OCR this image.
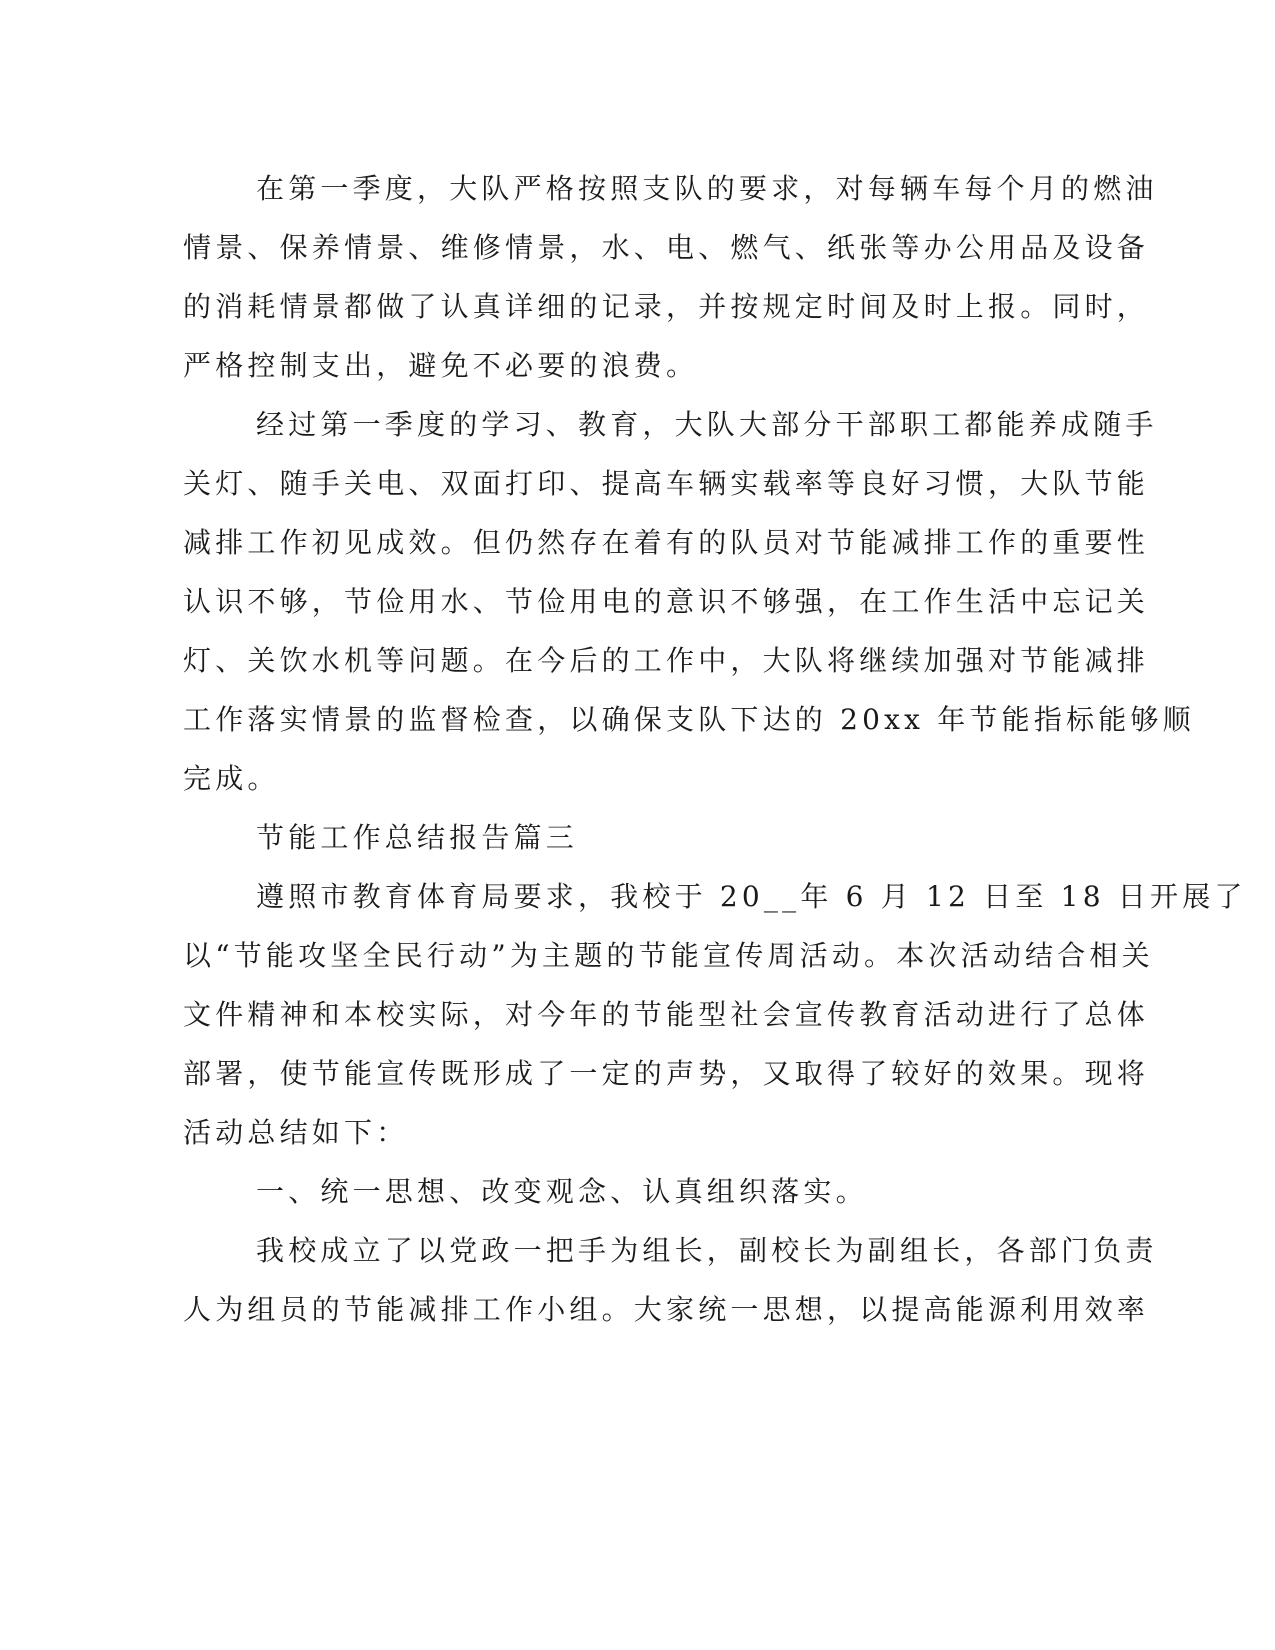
在第一季度，大队严格按照支队的要求，对每辆车每个月的燃油

情景、保养情景、维修情景，水、电、燃气、纸张等办公用品及设备

的消耗情景都做了认真详细的记录，并按规定时间及时上报。同时，

严格控制支出，避免不必要的浪费。

经过第一季度的学习、教育，大队大部分干部职工都能养成随手

关灯、随手关电、双面打印、提高车辆实载率等良好习惯，大队节能

减排工作初见成效。但仍然存在着有的队员对节能减排工作的重要性

认识不够，节俭用水、节俭用电的意识不够强，在工作生活中忘记关

灯、关饮水机等问题。在今后的工作中，大队将继续加强对节能减排

工作落实情景的监督检查，以确保支队下达的 20xx 年节能指标能够顺

完成。

节能工作总结报告篇三

遵照市教育体育局要求，我校于 20__年 6 月 12 日至 18 日开展了

以“节能攻坚全民行动”为主题的节能宣传周活动。本次活动结合相关

文件精神和本校实际，对今年的节能型社会宣传教育活动进行了总体

部署，使节能宣传既形成了一定的声势，又取得了较好的效果。现将

活动总结如下：

一、统一思想、改变观念、认真组织落实。

我校成立了以党政一把手为组长，副校长为副组长，各部门负责

人为组员的节能减排工作小组。大家统一思想，以提高能源利用效率
